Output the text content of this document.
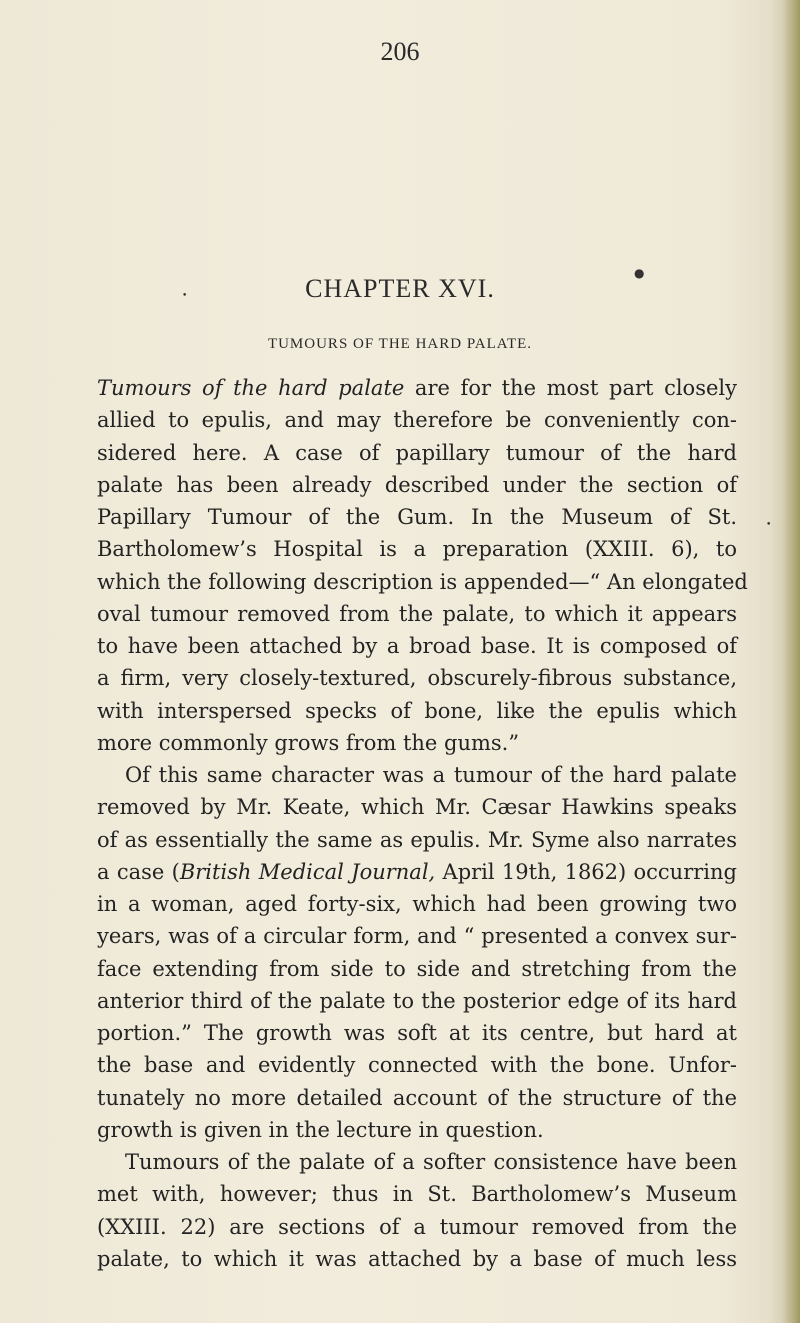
206
●
•
•
CHAPTER XVI.
TUMOURS OF THE HARD PALATE.
Tumours of the hard palate are for the most part closely
allied to epulis, and may therefore be conveniently con-
sidered here. A case of papillary tumour of the hard
palate has been already described under the section of
Papillary Tumour of the Gum. In the Museum of St.
Bartholomew’s Hospital is a preparation (XXIII. 6), to
which the following description is appended—“ An elongated
oval tumour removed from the palate, to which it appears
to have been attached by a broad base. It is composed of
a firm, very closely-textured, obscurely-fibrous substance,
with interspersed specks of bone, like the epulis which
more commonly grows from the gums.”
Of this same character was a tumour of the hard palate
removed by Mr. Keate, which Mr. Cæsar Hawkins speaks
of as essentially the same as epulis. Mr. Syme also narrates
a case (British Medical Journal, April 19th, 1862) occurring
in a woman, aged forty-six, which had been growing two
years, was of a circular form, and “ presented a convex sur-
face extending from side to side and stretching from the
anterior third of the palate to the posterior edge of its hard
portion.” The growth was soft at its centre, but hard at
the base and evidently connected with the bone. Unfor-
tunately no more detailed account of the structure of the
growth is given in the lecture in question.
Tumours of the palate of a softer consistence have been
met with, however; thus in St. Bartholomew’s Museum
(XXIII. 22) are sections of a tumour removed from the
palate, to which it was attached by a base of much less
